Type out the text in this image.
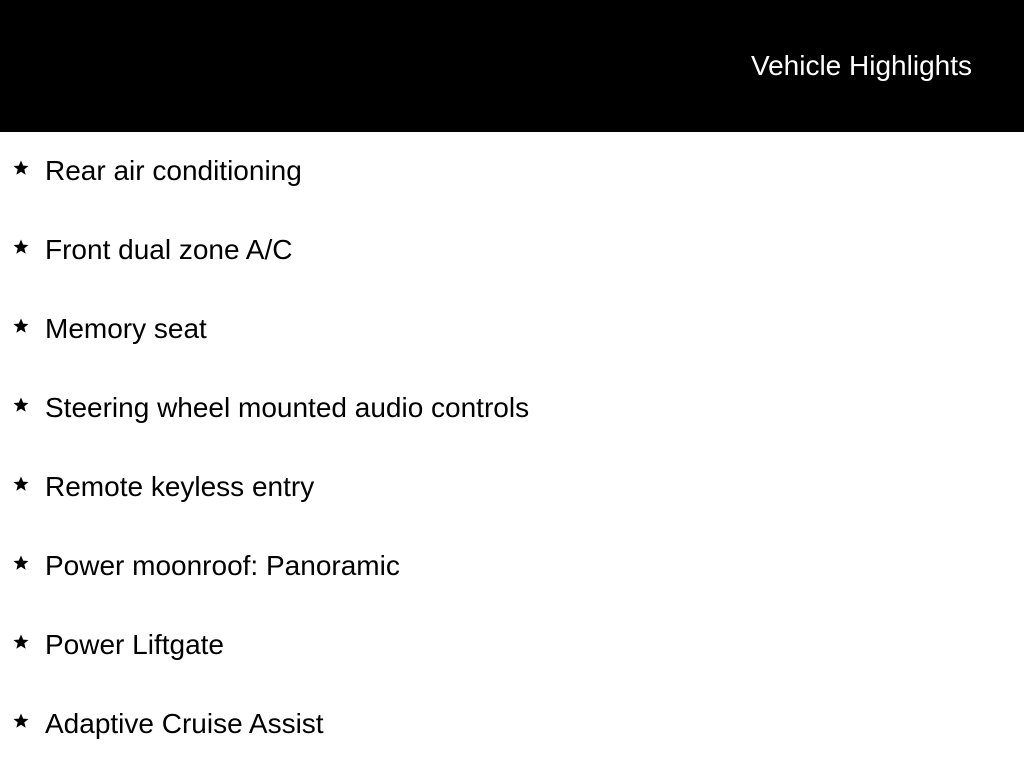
Vehicle Highlights
Rear air conditioning
Front dual zone A/C
Memory seat
Steering wheel mounted audio controls
Remote keyless entry
Power moonroof: Panoramic
Power Liftgate
Adaptive Cruise Assist
